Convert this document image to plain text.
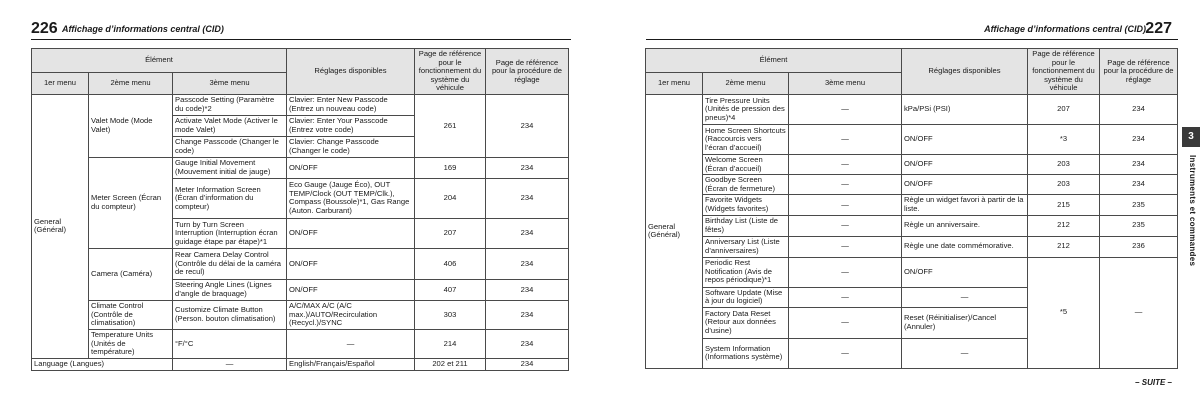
226 Affichage d’informations central (CID)
Élément			Réglages disponibles	Page de référence pour le fonctionnement du système du véhicule	Page de référence pour la procédure de réglage
1er menu	2ème menu	3ème menu			
General (Général)	Valet Mode (Mode Valet)	Passcode Setting (Paramètre du code)*2	Clavier: Enter New Passcode (Entrez un nouveau code)	261	234
		Activate Valet Mode (Activer le mode Valet)	Clavier: Enter Your Passcode (Entrez votre code)		
		Change Passcode (Changer le code)	Clavier: Change Passcode (Changer le code)		
	Meter Screen (Écran du compteur)	Gauge Initial Movement (Mouvement initial de jauge)	ON/OFF	169	234
		Meter Information Screen (Écran d’information du compteur)	Eco Gauge (Jauge Éco), OUT TEMP/Clock (OUT TEMP/Clk.), Compass (Boussole)*1, Gas Range (Auton. Carburant)	204	234
		Turn by Turn Screen Interruption (Interruption écran guidage étape par étape)*1	ON/OFF	207	234
	Camera (Caméra)	Rear Camera Delay Control (Contrôle du délai de la caméra de recul)	ON/OFF	406	234
		Steering Angle Lines (Lignes d’angle de braquage)	ON/OFF	407	234
	Climate Control (Contrôle de climatisation)	Customize Climate Button (Person. bouton climatisation)	A/C/MAX A/C (A/C max.)/AUTO/Recirculation (Recycl.)/SYNC	303	234
	Temperature Units (Unités de température)	°F/°C	—	214	234
Language (Langues)		—	English/Français/Español	202 et 211	234
Affichage d’informations central (CID) 227
Élément			Réglages disponibles	Page de référence pour le fonctionnement du système du véhicule	Page de référence pour la procédure de réglage
1er menu	2ème menu	3ème menu			
General (Général)	Tire Pressure Units (Unités de pression des pneus)*4	—	kPa/PSi (PSI)	207	234
	Home Screen Shortcuts (Raccourcis vers l’écran d’accueil)	—	ON/OFF	*3	234
	Welcome Screen (Écran d’accueil)	—	ON/OFF	203	234
	Goodbye Screen (Écran de fermeture)	—	ON/OFF	203	234
	Favorite Widgets (Widgets favorites)	—	Règle un widget favori à partir de la liste.	215	235
	Birthday List (Liste de fêtes)	—	Règle un anniversaire.	212	235
	Anniversary List (Liste d’anniversaires)	—	Règle une date commémorative.	212	236
	Periodic Rest Notification (Avis de repos périodique)*1	—	ON/OFF	*5	—
	Software Update (Mise à jour du logiciel)	—	—		
	Factory Data Reset (Retour aux données d’usine)	—	Reset (Réinitialiser)/Cancel (Annuler)		
	System Information (Informations système)	—	—		
3
Instruments et commandes
– SUITE –
